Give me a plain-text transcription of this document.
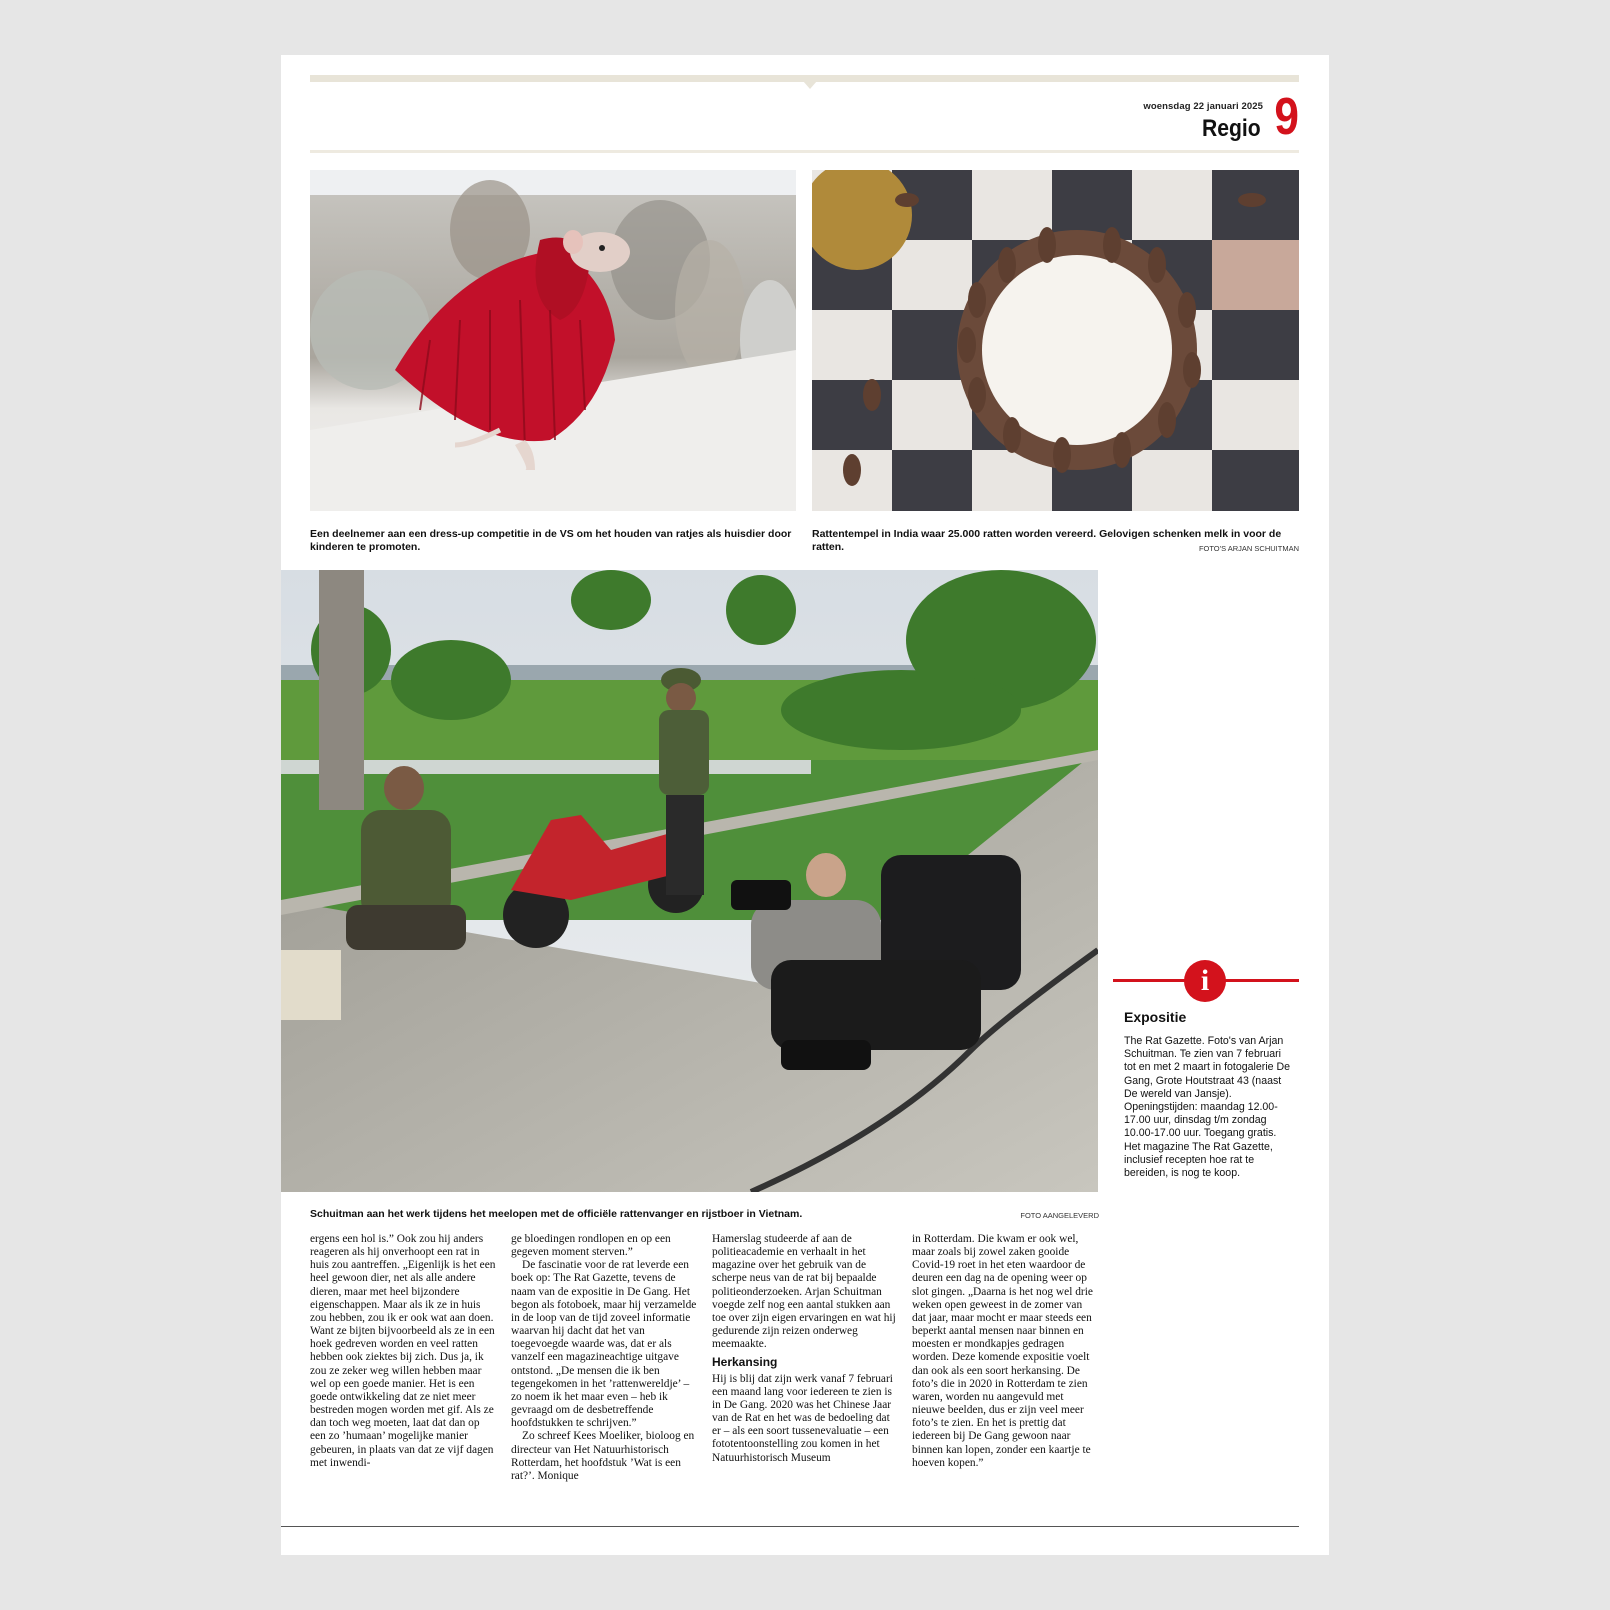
woensdag 22 januari 2025
Regio 9
Een deelnemer aan een dress-up competitie in de VS om het houden van ratjes als huisdier door kinderen te promoten.
Rattentempel in India waar 25.000 ratten worden vereerd. Gelovigen schenken melk in voor de ratten.	FOTO'S ARJAN SCHUITMAN
Schuitman aan het werk tijdens het meelopen met de officiële rattenvanger en rijstboer in Vietnam.	FOTO AANGELEVERD
i
Expositie

The Rat Gazette. Foto's van Arjan Schuitman. Te zien van 7 februari tot en met 2 maart in fotogalerie De Gang, Grote Houtstraat 43 (naast De wereld van Jansje).

Openingstijden: maandag 12.00-17.00 uur, dinsdag t/m zondag 10.00-17.00 uur. Toegang gratis. Het magazine The Rat Gazette, inclusief recepten hoe rat te bereiden, is nog te koop.

ergens een hol is.” Ook zou hij anders reageren als hij onverhoopt een rat in huis zou aantreffen. „Eigenlijk is het een heel gewoon dier, net als alle andere dieren, maar met heel bijzondere eigenschappen. Maar als ik ze in huis zou hebben, zou ik er ook wat aan doen. Want ze bijten bijvoorbeeld als ze in een hoek gedreven worden en veel ratten hebben ook ziektes bij zich. Dus ja, ik zou ze zeker weg willen hebben maar wel op een goede manier. Het is een goede ontwikkeling dat ze niet meer bestreden mogen worden met gif. Als ze dan toch weg moeten, laat dat dan op een zo ’humaan’ mogelijke manier gebeuren, in plaats van dat ze vijf dagen met inwendi-

ge bloedingen rondlopen en op een gegeven moment sterven.”

De fascinatie voor de rat leverde een boek op: The Rat Gazette, tevens de naam van de expositie in De Gang. Het begon als fotoboek, maar hij verzamelde in de loop van de tijd zoveel informatie waarvan hij dacht dat het van toegevoegde waarde was, dat er als vanzelf een magazineachtige uitgave ontstond. „De mensen die ik ben tegengekomen in het ’rattenwereldje’ – zo noem ik het maar even – heb ik gevraagd om de desbetreffende hoofdstukken te schrijven.”

Zo schreef Kees Moeliker, bioloog en directeur van Het Natuurhistorisch Rotterdam, het hoofdstuk ’Wat is een rat?’. Monique

Hamerslag studeerde af aan de politieacademie en verhaalt in het magazine over het gebruik van de scherpe neus van de rat bij bepaalde politieonderzoeken. Arjan Schuitman voegde zelf nog een aantal stukken aan toe over zijn eigen ervaringen en wat hij gedurende zijn reizen onderweg meemaakte.

Herkansing

Hij is blij dat zijn werk vanaf 7 februari een maand lang voor iedereen te zien is in De Gang. 2020 was het Chinese Jaar van de Rat en het was de bedoeling dat er – als een soort tussenevaluatie – een fototentoonstelling zou komen in het Natuurhistorisch Museum

in Rotterdam. Die kwam er ook wel, maar zoals bij zowel zaken gooide Covid-19 roet in het eten waardoor de deuren een dag na de opening weer op slot gingen. „Daarna is het nog wel drie weken open geweest in de zomer van dat jaar, maar mocht er maar steeds een beperkt aantal mensen naar binnen en moesten er mondkapjes gedragen worden. Deze komende expositie voelt dan ook als een soort herkansing. De foto’s die in 2020 in Rotterdam te zien waren, worden nu aangevuld met nieuwe beelden, dus er zijn veel meer foto’s te zien. En het is prettig dat iedereen bij De Gang gewoon naar binnen kan lopen, zonder een kaartje te hoeven kopen.”
